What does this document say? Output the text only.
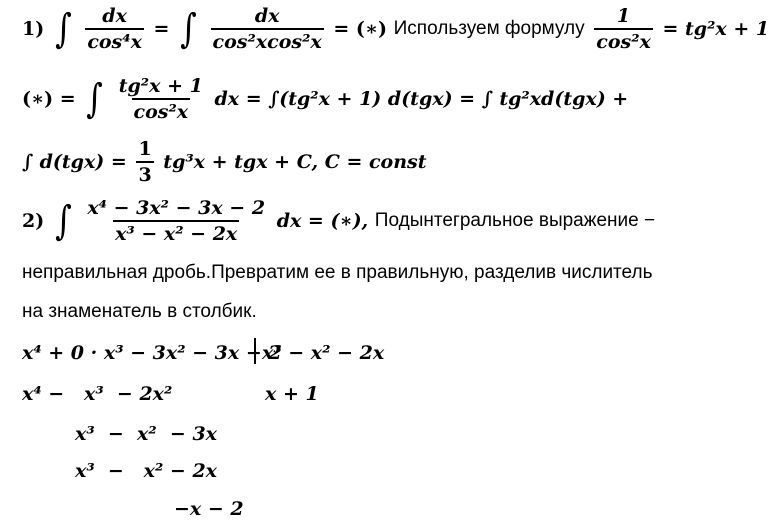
1) ∫ $\frac{dx}{\text{cos⁴x}}$ = ∫ $\frac{dx}{\text{cos²xcos²x}}$ = (∗) Используем формулу $\frac{1}{\text{cos²x}} = tg^2x + 1$
(∗) = ∫ $\frac{\text{tg²x + 1}}{\text{cos²x}}$ dx = ∫(tg²x + 1) d(tgx) = ∫ tg²xd(tgx) +
∫ $d(tgx) = \frac{1}{3} tg^3x$ + tgx + C, C = const
2) ∫ $\frac{\text{x⁴ − 3x² − 3x − 2}}{\text{x³ − x² − 2x}}$ dx = (∗), Подынтегральное выражение −
неправильная дробь.Превратим ее в правильную, разделив числитель
на знаменатель в столбик.
x⁴ + 0 · x³ − 3x² − 3x − 2
x³ − x² − 2x
x⁴ −   x³  − 2x²	x + 1
x³  −  x²  − 3x
x³  −   x² − 2x
−x − 2
